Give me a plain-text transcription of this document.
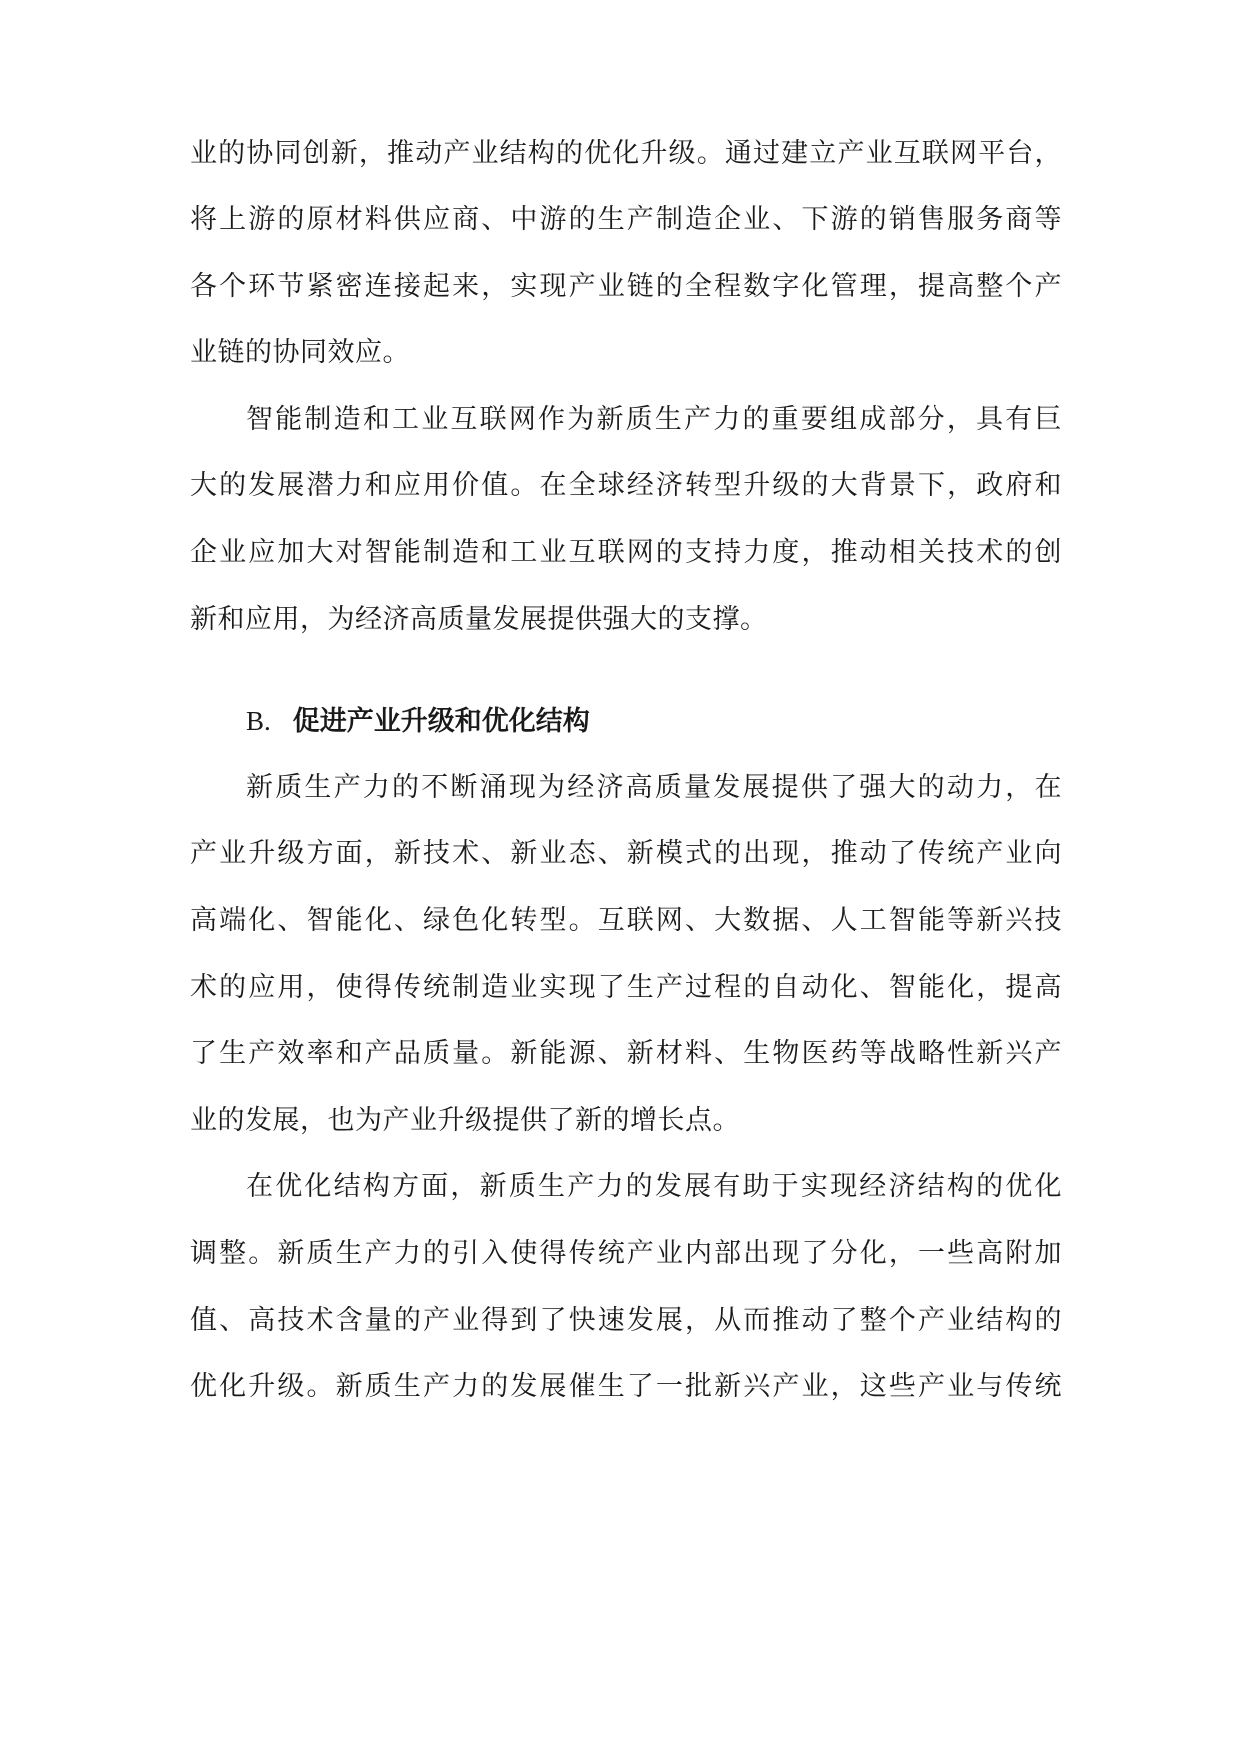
业的协同创新，推动产业结构的优化升级。通过建立产业互联网平台，
将上游的原材料供应商、中游的生产制造企业、下游的销售服务商等
各个环节紧密连接起来，实现产业链的全程数字化管理，提高整个产
业链的协同效应。
智能制造和工业互联网作为新质生产力的重要组成部分，具有巨
大的发展潜力和应用价值。在全球经济转型升级的大背景下，政府和
企业应加大对智能制造和工业互联网的支持力度，推动相关技术的创
新和应用，为经济高质量发展提供强大的支撑。
B. 促进产业升级和优化结构
新质生产力的不断涌现为经济高质量发展提供了强大的动力，在
产业升级方面，新技术、新业态、新模式的出现，推动了传统产业向
高端化、智能化、绿色化转型。互联网、大数据、人工智能等新兴技
术的应用，使得传统制造业实现了生产过程的自动化、智能化，提高
了生产效率和产品质量。新能源、新材料、生物医药等战略性新兴产
业的发展，也为产业升级提供了新的增长点。
在优化结构方面，新质生产力的发展有助于实现经济结构的优化
调整。新质生产力的引入使得传统产业内部出现了分化，一些高附加
值、高技术含量的产业得到了快速发展，从而推动了整个产业结构的
优化升级。新质生产力的发展催生了一批新兴产业，这些产业与传统
